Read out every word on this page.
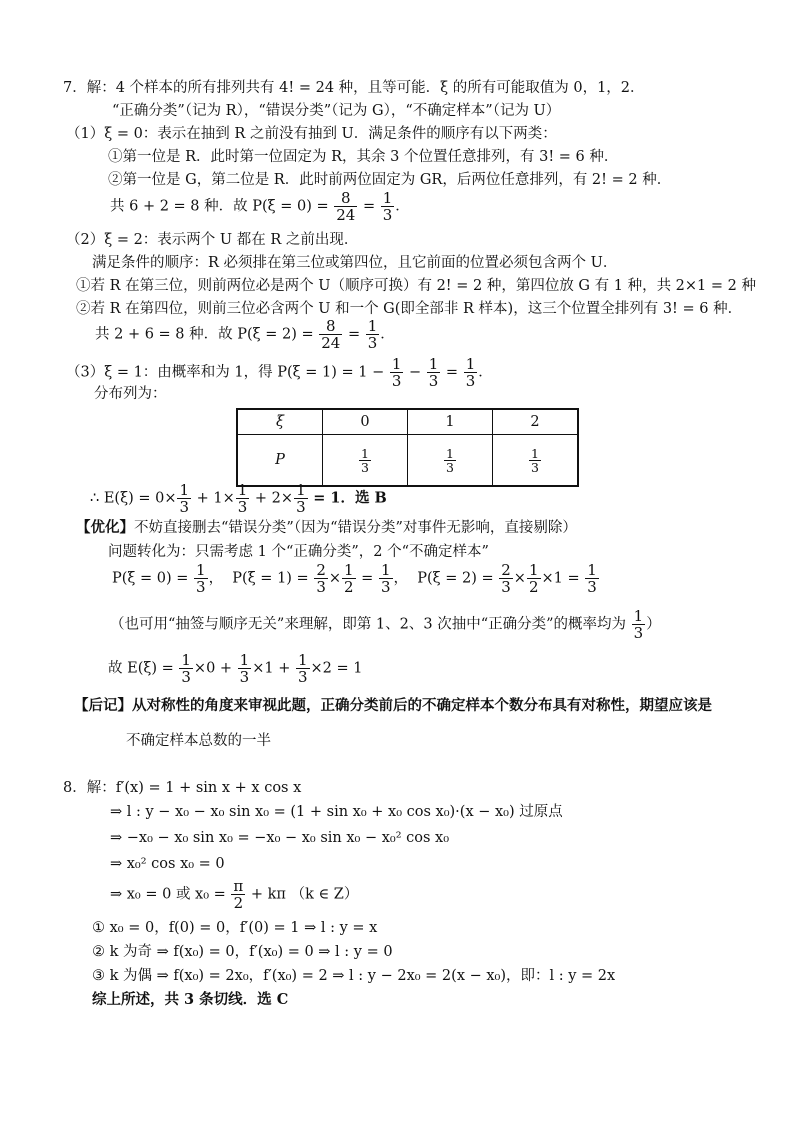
7．解：4 个样本的所有排列共有 4! = 24 种，且等可能．ξ 的所有可能取值为 0，1，2．
“正确分类”（记为 R），“错误分类”（记为 G），“不确定样本”（记为 U）
（1）ξ = 0：表示在抽到 R 之前没有抽到 U．满足条件的顺序有以下两类：
①第一位是 R．此时第一位固定为 R，其余 3 个位置任意排列，有 3! = 6 种．
②第一位是 G，第二位是 R．此时前两位固定为 GR，后两位任意排列，有 2! = 2 种．
共 6 + 2 = 8 种．故 $P(\xi = 0) = \frac{8}{24} = \frac{1}{3}$ ．
（2）ξ = 2：表示两个 U 都在 R 之前出现．
满足条件的顺序：R 必须排在第三位或第四位，且它前面的位置必须包含两个 U．
①若 R 在第三位，则前两位必是两个 U（顺序可换）有 2! = 2 种，第四位放 G 有 1 种，共 2×1 = 2 种
②若 R 在第四位，则前三位必含两个 U 和一个 G(即全部非 R 样本)，这三个位置全排列有 3! = 6 种．
共 2 + 6 = 8 种．故 $P(\xi = 2) = \frac{8}{24} = \frac{1}{3}$ ．
（3）ξ = 1：由概率和为 1，得 $P(\xi = 1) = 1 - \frac{1}{3} - \frac{1}{3} = \frac{1}{3}$ ．
分布列为：
ξ	0	1	2
P	$\frac{1}{3}$	$\frac{1}{3}$	$\frac{1}{3}$
∴ $E(\xi) = 0\times \frac{1}{3} + 1\times \frac{1}{3} + 2\times \frac{1}{3} = 1$．选 B
【优化】不妨直接删去“错误分类”（因为“错误分类”对事件无影响，直接剔除）
问题转化为：只需考虑 1 个“正确分类”，2 个“不确定样本”
$P(\xi = 0) = \frac{1}{3}$ ， $P(\xi = 1) = \frac{2}{3} \times \frac{1}{2} = \frac{1}{3}$ ， $P(\xi = 2) = \frac{2}{3} \times \frac{1}{2} \times 1 = \frac{1}{3}$
（也可用“抽签与顺序无关”来理解，即第 1、2、3 次抽中“正确分类”的概率均为 $\frac{1}{3}$ ）
故 $E(\xi) = \frac{1}{3} \times 0 + \frac{1}{3} \times 1 + \frac{1}{3} \times 2 = 1$
【后记】从对称性的角度来审视此题，正确分类前后的不确定样本个数分布具有对称性，期望应该是
不确定样本总数的一半
8．解：f′(x) = 1 + sin x + x cos x
⇒ l : y − x₀ − x₀ sin x₀ = (1 + sin x₀ + x₀ cos x₀)·(x − x₀) 过原点
⇒ −x₀ − x₀ sin x₀ = −x₀ − x₀ sin x₀ − x₀² cos x₀
⇒ x₀² cos x₀ = 0
⇒ x₀ = 0 或 $x_0 = \frac{\pi}{2} + k\pi$ （k ∈ Z）
① x₀ = 0，f(0) = 0，f′(0) = 1 ⇒ l : y = x
② k 为奇 ⇒ f(x₀) = 0，f′(x₀) = 0 ⇒ l : y = 0
③ k 为偶 ⇒ f(x₀) = 2x₀，f′(x₀) = 2 ⇒ l : y − 2x₀ = 2(x − x₀)，即：l : y = 2x
综上所述，共 3 条切线．选 C
